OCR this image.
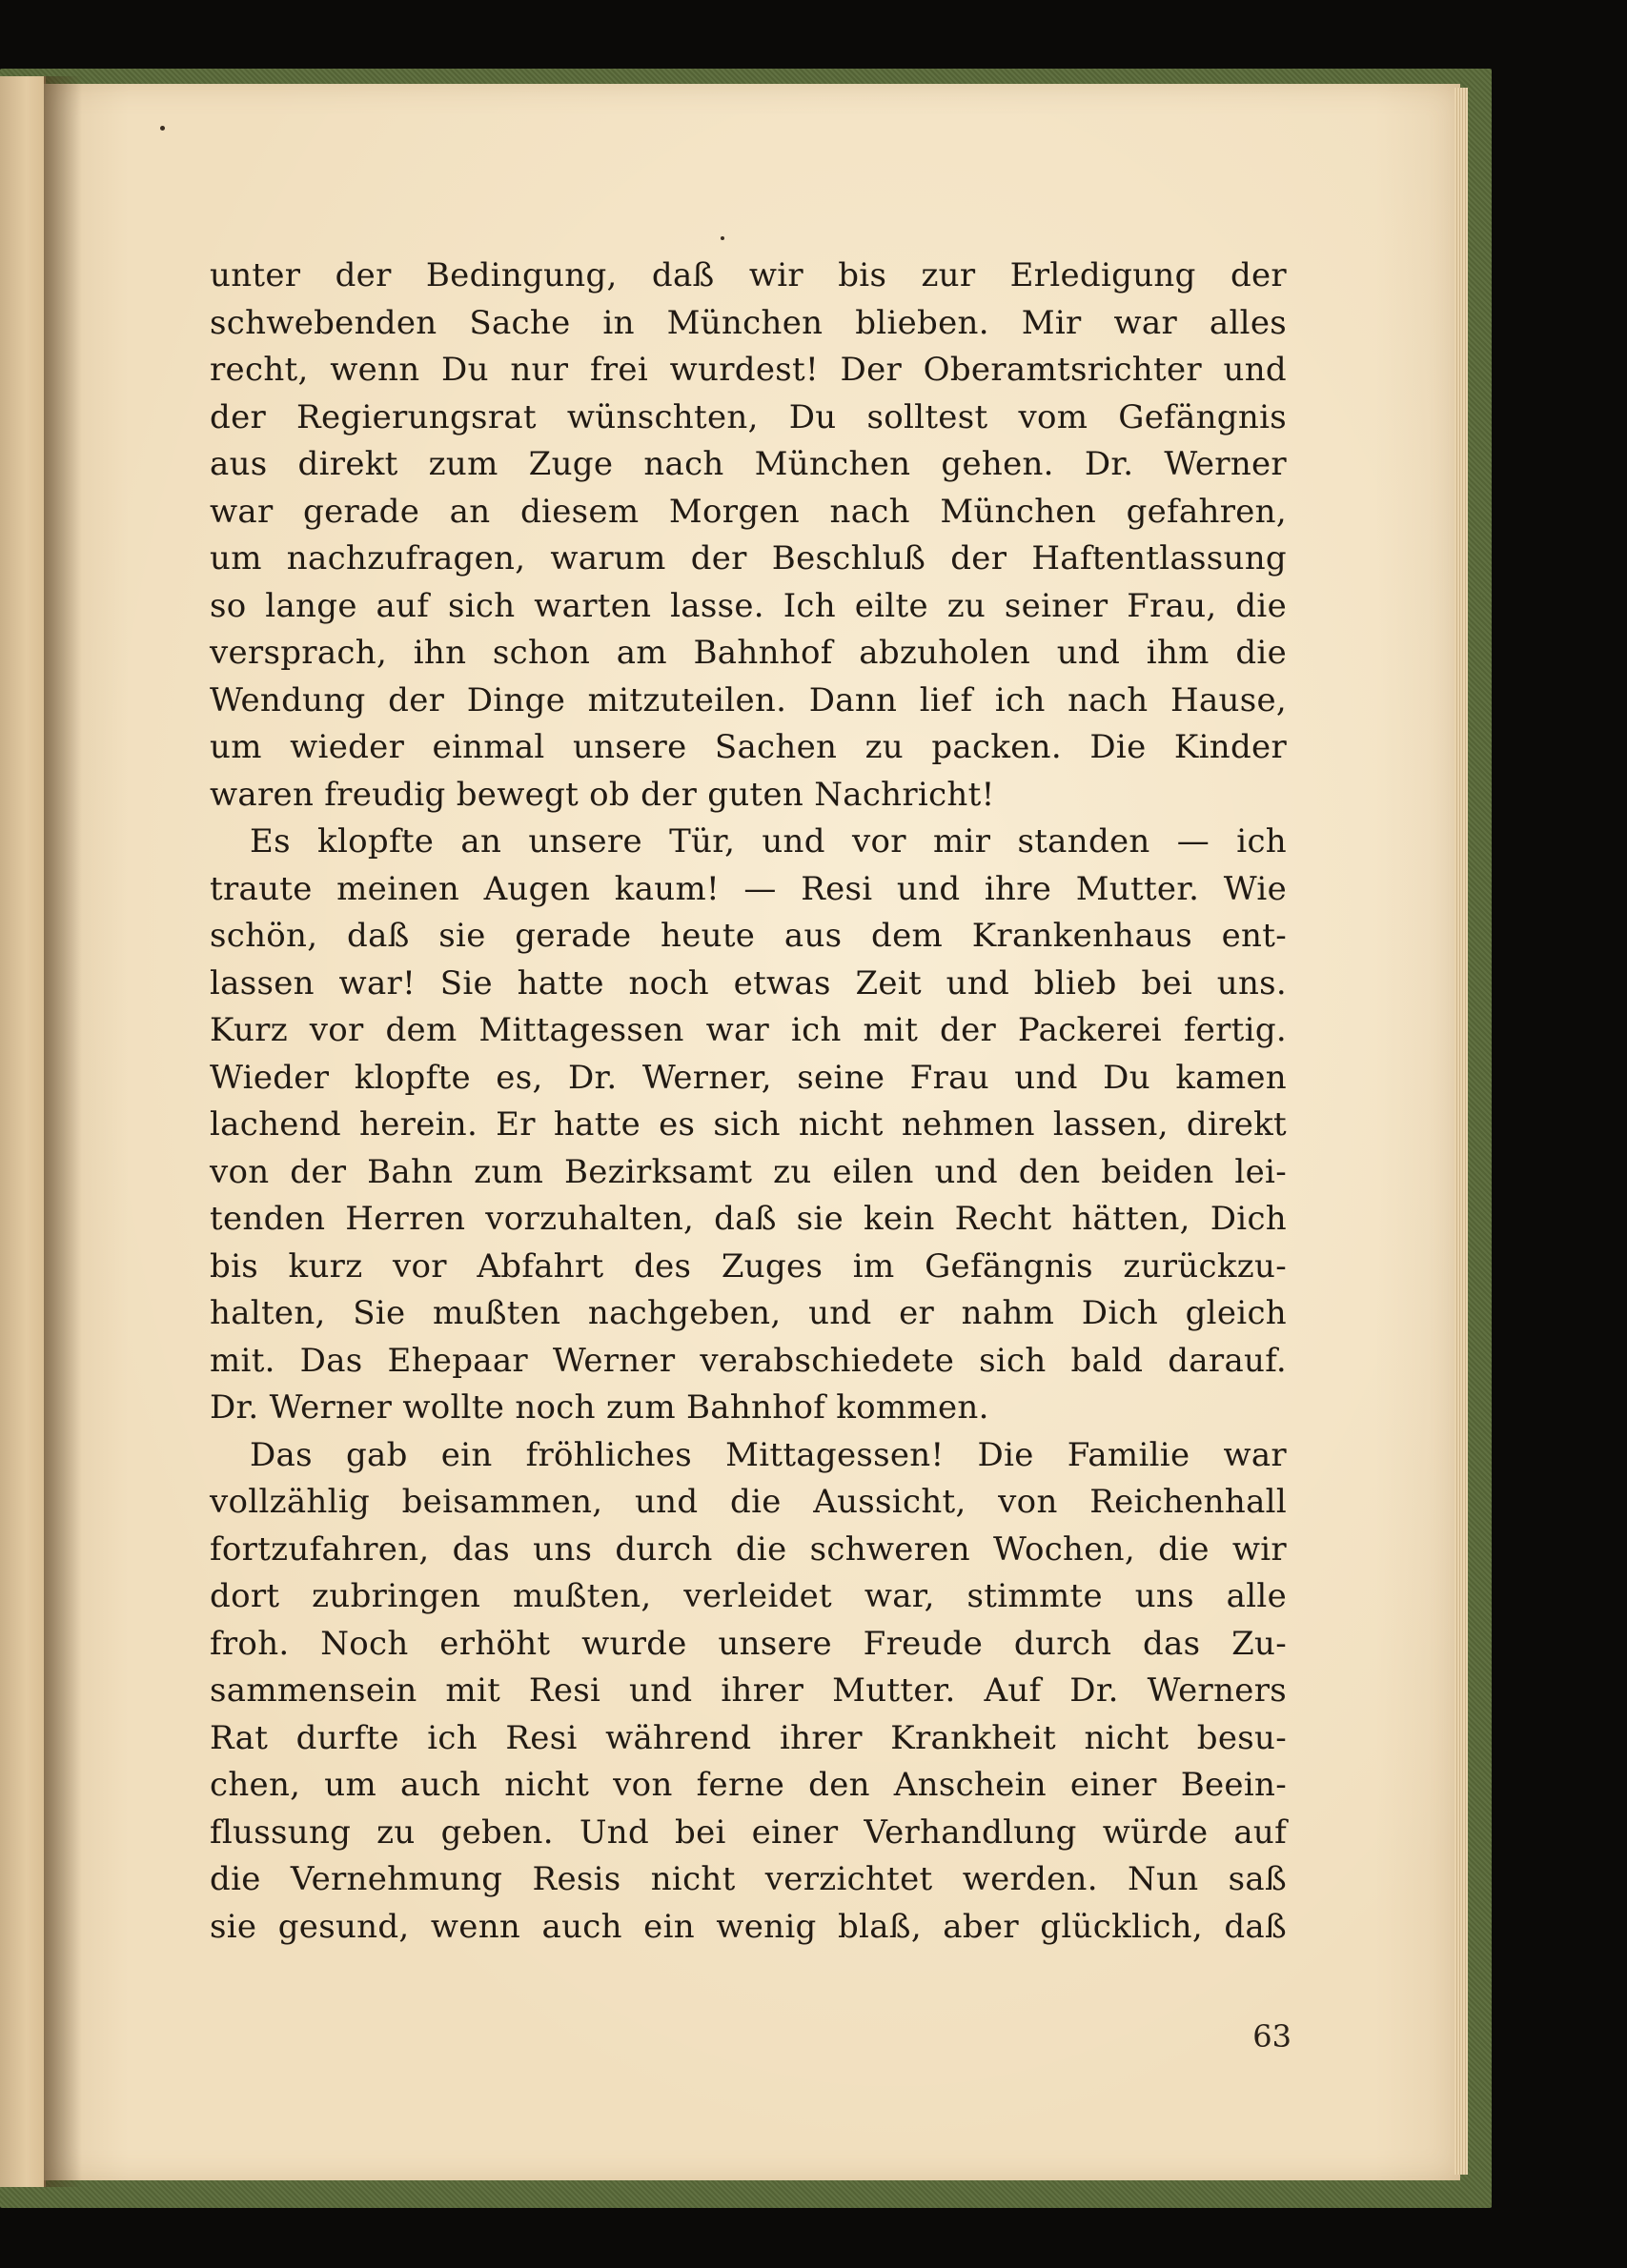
unter der Bedingung, daß wir bis zur Erledigung der
schwebenden Sache in München blieben. Mir war alles
recht, wenn Du nur frei wurdest! Der Oberamtsrichter und
der Regierungsrat wünschten, Du solltest vom Gefängnis
aus direkt zum Zuge nach München gehen. Dr. Werner
war gerade an diesem Morgen nach München gefahren,
um nachzufragen, warum der Beschluß der Haftentlassung
so lange auf sich warten lasse. Ich eilte zu seiner Frau, die
versprach, ihn schon am Bahnhof abzuholen und ihm die
Wendung der Dinge mitzuteilen. Dann lief ich nach Hause,
um wieder einmal unsere Sachen zu packen. Die Kinder
waren freudig bewegt ob der guten Nachricht!
Es klopfte an unsere Tür, und vor mir standen — ich
traute meinen Augen kaum! — Resi und ihre Mutter. Wie
schön, daß sie gerade heute aus dem Krankenhaus ent-
lassen war! Sie hatte noch etwas Zeit und blieb bei uns.
Kurz vor dem Mittagessen war ich mit der Packerei fertig.
Wieder klopfte es, Dr. Werner, seine Frau und Du kamen
lachend herein. Er hatte es sich nicht nehmen lassen, direkt
von der Bahn zum Bezirksamt zu eilen und den beiden lei-
tenden Herren vorzuhalten, daß sie kein Recht hätten, Dich
bis kurz vor Abfahrt des Zuges im Gefängnis zurückzu-
halten, Sie mußten nachgeben, und er nahm Dich gleich
mit. Das Ehepaar Werner verabschiedete sich bald darauf.
Dr. Werner wollte noch zum Bahnhof kommen.
Das gab ein fröhliches Mittagessen! Die Familie war
vollzählig beisammen, und die Aussicht, von Reichenhall
fortzufahren, das uns durch die schweren Wochen, die wir
dort zubringen mußten, verleidet war, stimmte uns alle
froh. Noch erhöht wurde unsere Freude durch das Zu-
sammensein mit Resi und ihrer Mutter. Auf Dr. Werners
Rat durfte ich Resi während ihrer Krankheit nicht besu-
chen, um auch nicht von ferne den Anschein einer Beein-
flussung zu geben. Und bei einer Verhandlung würde auf
die Vernehmung Resis nicht verzichtet werden. Nun saß
sie gesund, wenn auch ein wenig blaß, aber glücklich, daß
63
